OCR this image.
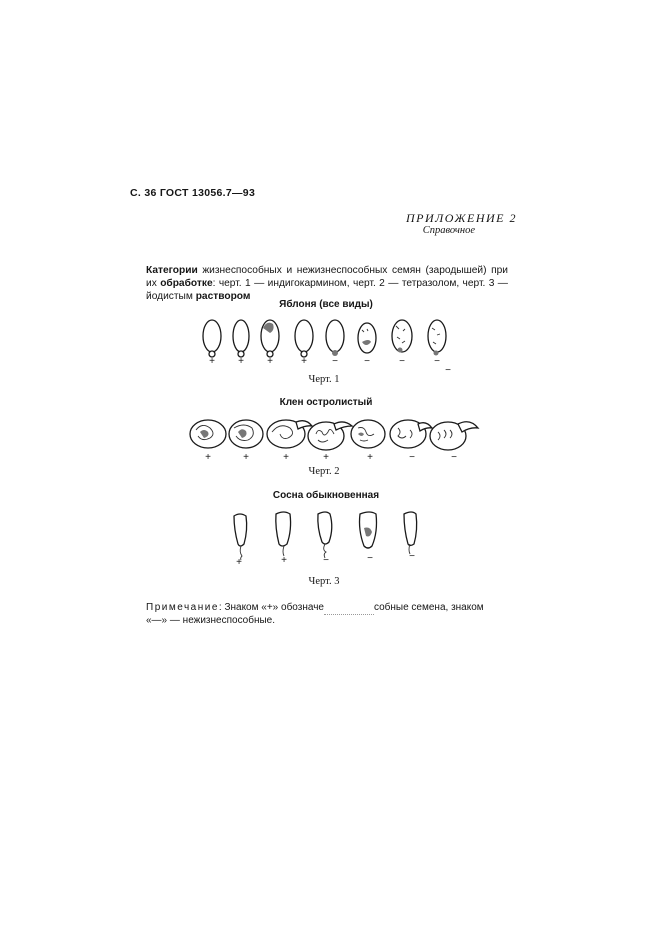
С. 36 ГОСТ 13056.7—93
ПРИЛОЖЕНИЕ 2
Справочное

Категории жизнеспособных и нежизнеспособных семян (зародышей) при их обработке: черт. 1 — индигокармином, черт. 2 — тетразолом, черт. 3 — йодистым раствором

Яблоня (все виды)
+	+	+	+	−	−	−	−
−
Черт. 1
Клен остролистый
+	+	+	+	+	−	−
Черт. 2
Сосна обыкновенная
+	+	−	−	−
Черт. 3
Примечание: Знаком «+» обозначе	собные семена, знаком
«—» — нежизнеспособные.
